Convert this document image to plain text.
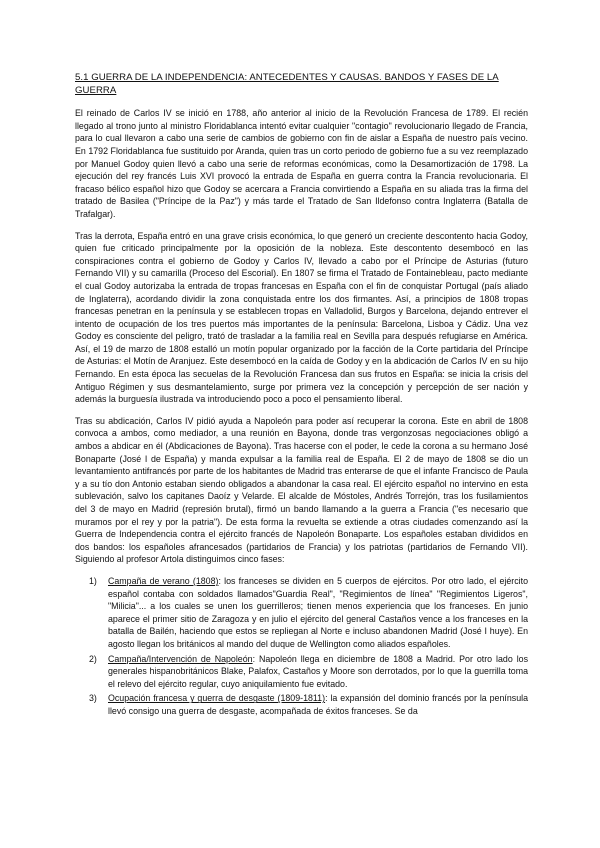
5.1 GUERRA DE LA INDEPENDENCIA: ANTECEDENTES Y CAUSAS. BANDOS Y FASES DE LA GUERRA

El reinado de Carlos IV se inició en 1788, año anterior al inicio de la Revolución Francesa de 1789. El recién llegado al trono junto al ministro Floridablanca intentó evitar cualquier "contagio" revolucionario llegado de Francia, para lo cual llevaron a cabo una serie de cambios de gobierno con fin de aislar a España de nuestro país vecino. En 1792 Floridablanca fue sustituido por Aranda, quien tras un corto periodo de gobierno fue a su vez reemplazado por Manuel Godoy quien llevó a cabo una serie de reformas económicas, como la Desamortización de 1798. La ejecución del rey francés Luis XVI provocó la entrada de España en guerra contra la Francia revolucionaria. El fracaso bélico español hizo que Godoy se acercara a Francia convirtiendo a España en su aliada tras la firma del tratado de Basilea ("Príncipe de la Paz") y más tarde el Tratado de San Ildefonso contra Inglaterra (Batalla de Trafalgar).

Tras la derrota, España entró en una grave crisis económica, lo que generó un creciente descontento hacia Godoy, quien fue criticado principalmente por la oposición de la nobleza. Este descontento desembocó en las conspiraciones contra el gobierno de Godoy y Carlos IV, llevado a cabo por el Príncipe de Asturias (futuro Fernando VII) y su camarilla (Proceso del Escorial). En 1807 se firma el Tratado de Fontainebleau, pacto mediante el cual Godoy autorizaba la entrada de tropas francesas en España con el fin de conquistar Portugal (país aliado de Inglaterra), acordando dividir la zona conquistada entre los dos firmantes. Así, a principios de 1808 tropas francesas penetran en la península y se establecen tropas en Valladolid, Burgos y Barcelona, dejando entrever el intento de ocupación de los tres puertos más importantes de la península: Barcelona, Lisboa y Cádiz. Una vez Godoy es consciente del peligro, trató de trasladar a la familia real en Sevilla para después refugiarse en América. Así, el 19 de marzo de 1808 estalló un motín popular organizado por la facción de la Corte partidaria del Príncipe de Asturias: el Motín de Aranjuez. Este desembocó en la caída de Godoy y en la abdicación de Carlos IV en su hijo Fernando. En esta época las secuelas de la Revolución Francesa dan sus frutos en España: se inicia la crisis del Antiguo Régimen y sus desmantelamiento, surge por primera vez la concepción y percepción de ser nación y además la burguesía ilustrada va introduciendo poco a poco el pensamiento liberal.

Tras su abdicación, Carlos IV pidió ayuda a Napoleón para poder así recuperar la corona. Este en abril de 1808 convoca a ambos, como mediador, a una reunión en Bayona, donde tras vergonzosas negociaciones obligó a ambos a abdicar en él (Abdicaciones de Bayona). Tras hacerse con el poder, le cede la corona a su hermano José Bonaparte (José I de España) y manda expulsar a la familia real de España. El 2 de mayo de 1808 se dio un levantamiento antifrancés por parte de los habitantes de Madrid tras enterarse de que el infante Francisco de Paula y a su tío don Antonio estaban siendo obligados a abandonar la casa real. El ejército español no intervino en esta sublevación, salvo los capitanes Daoíz y Velarde. El alcalde de Móstoles, Andrés Torrejón, tras los fusilamientos del 3 de mayo en Madrid (represión brutal), firmó un bando llamando a la guerra a Francia ("es necesario que muramos por el rey y por la patria"). De esta forma la revuelta se extiende a otras ciudades comenzando así la Guerra de Independencia contra el ejército francés de Napoleón Bonaparte. Los españoles estaban divididos en dos bandos: los españoles afrancesados (partidarios de Francia) y los patriotas (partidarios de Fernando VII). Siguiendo al profesor Artola distinguimos cinco fases:

1) Campaña de verano (1808): los franceses se dividen en 5 cuerpos de ejércitos. Por otro lado, el ejército español contaba con soldados llamados"Guardia Real", "Regimientos de línea" "Regimientos Ligeros", "Milicia"... a los cuales se unen los guerrilleros; tienen menos experiencia que los franceses. En junio aparece el primer sitio de Zaragoza y en julio el ejército del general Castaños vence a los franceses en la batalla de Bailén, haciendo que estos se repliegan al Norte e incluso abandonen Madrid (José I huye). En agosto llegan los británicos al mando del duque de Wellington como aliados españoles.
2) Campaña/Intervención de Napoleón: Napoleón llega en diciembre de 1808 a Madrid. Por otro lado los generales hispanobritánicos Blake, Palafox, Castaños y Moore son derrotados, por lo que la guerrilla toma el relevo del ejército regular, cuyo aniquilamiento fue evitado.
3) Ocupación francesa y guerra de desgaste (1809-1811): la expansión del dominio francés por la península llevó consigo una guerra de desgaste, acompañada de éxitos franceses. Se da
